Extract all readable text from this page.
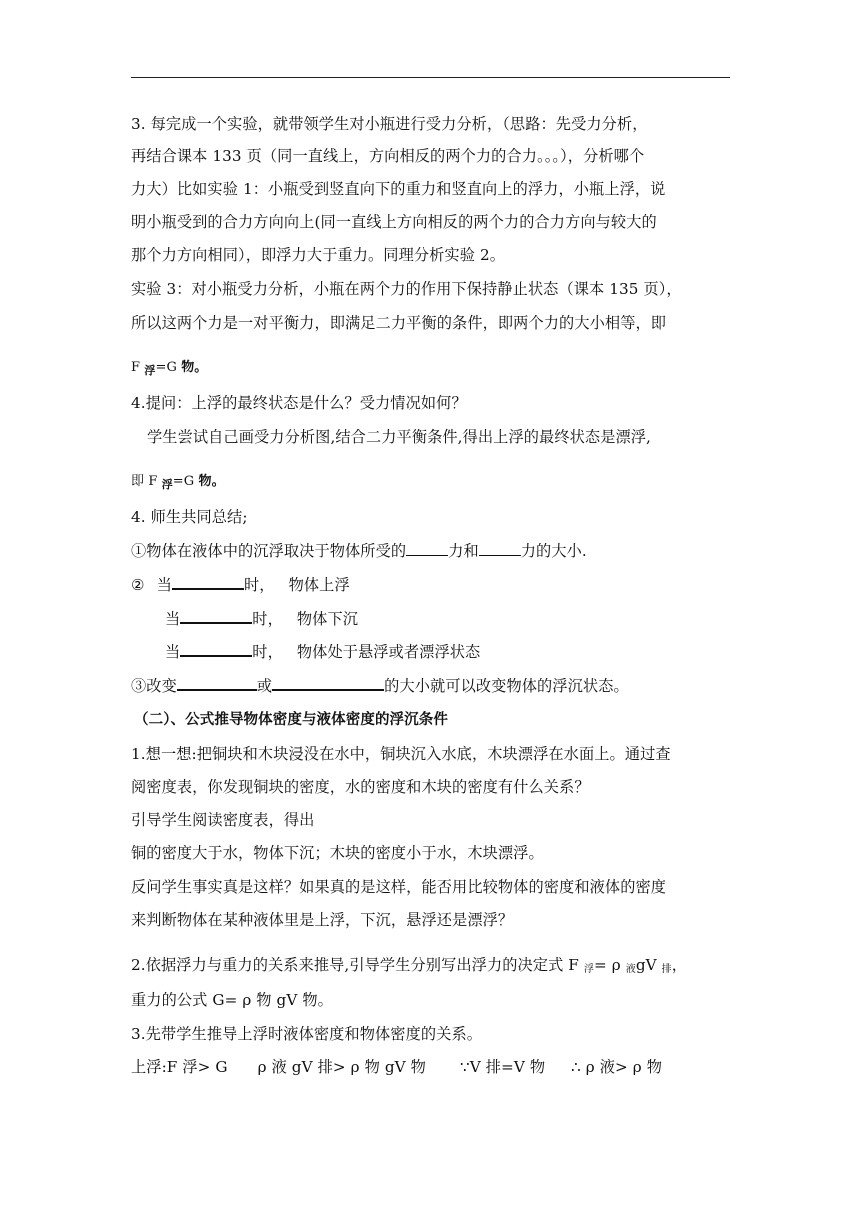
3. 每完成一个实验，就带领学生对小瓶进行受力分析，（思路：先受力分析，
再结合课本 133 页（同一直线上，方向相反的两个力的合力。。。），分析哪个
力大）比如实验 1：小瓶受到竖直向下的重力和竖直向上的浮力，小瓶上浮，说
明小瓶受到的合力方向向上(同一直线上方向相反的两个力的合力方向与较大的
那个力方向相同），即浮力大于重力。同理分析实验 2。
实验 3：对小瓶受力分析，小瓶在两个力的作用下保持静止状态（课本 135 页），
所以这两个力是一对平衡力，即满足二力平衡的条件，即两个力的大小相等，即
F $_浮$=G 物。
4.提问：上浮的最终状态是什么？受力情况如何？
学生尝试自己画受力分析图,结合二力平衡条件,得出上浮的最终状态是漂浮,
即 F $_浮$=G 物。
4. 师生共同总结;
①物体在液体中的沉浮取决于物体所受的	力和	力的大小.
② 当	时， 物体上浮
当	时， 物体下沉
当	时， 物体处于悬浮或者漂浮状态
③改变	或	的大小就可以改变物体的浮沉状态。
（二）、公式推导物体密度与液体密度的浮沉条件
1.想一想:把铜块和木块浸没在水中，铜块沉入水底，木块漂浮在水面上。通过查
阅密度表，你发现铜块的密度，水的密度和木块的密度有什么关系？
引导学生阅读密度表，得出
铜的密度大于水，物体下沉；木块的密度小于水，木块漂浮。
反问学生事实真是这样？如果真的是这样，能否用比较物体的密度和液体的密度
来判断物体在某种液体里是上浮，下沉，悬浮还是漂浮？
2.依据浮力与重力的关系来推导,引导学生分别写出浮力的决定式 F $_浮$= ρ $_液$gV $_排$，
重力的公式 G= ρ 物 gV 物。
3.先带学生推导上浮时液体密度和物体密度的关系。
上浮:F 浮> G ρ 液 gV 排> ρ 物 gV 物 ∵V 排=V 物 ∴ ρ 液> ρ 物
